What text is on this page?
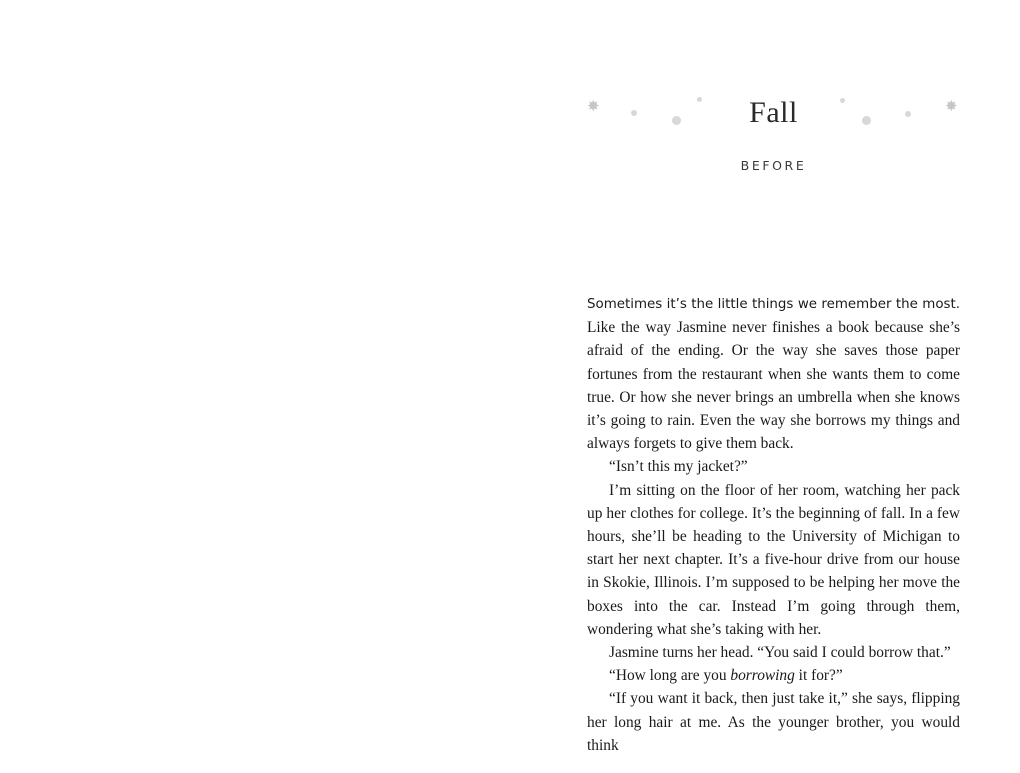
✸	Fall	✸
BEFORE

Sometimes it’s the little things we remember the most. Like the way Jasmine never finishes a book because she’s afraid of the ending. Or the way she saves those paper fortunes from the restaurant when she wants them to come true. Or how she never brings an umbrella when she knows it’s going to rain. Even the way she borrows my things and always forgets to give them back.

“Isn’t this my jacket?”

I’m sitting on the floor of her room, watching her pack up her clothes for college. It’s the beginning of fall. In a few hours, she’ll be heading to the University of Michigan to start her next chapter. It’s a five-hour drive from our house in Skokie, Illinois. I’m supposed to be helping her move the boxes into the car. Instead I’m going through them, wondering what she’s taking with her.

Jasmine turns her head. “You said I could borrow that.”

“How long are you borrowing it for?”

“If you want it back, then just take it,” she says, flipping her long hair at me. As the younger brother, you would think
